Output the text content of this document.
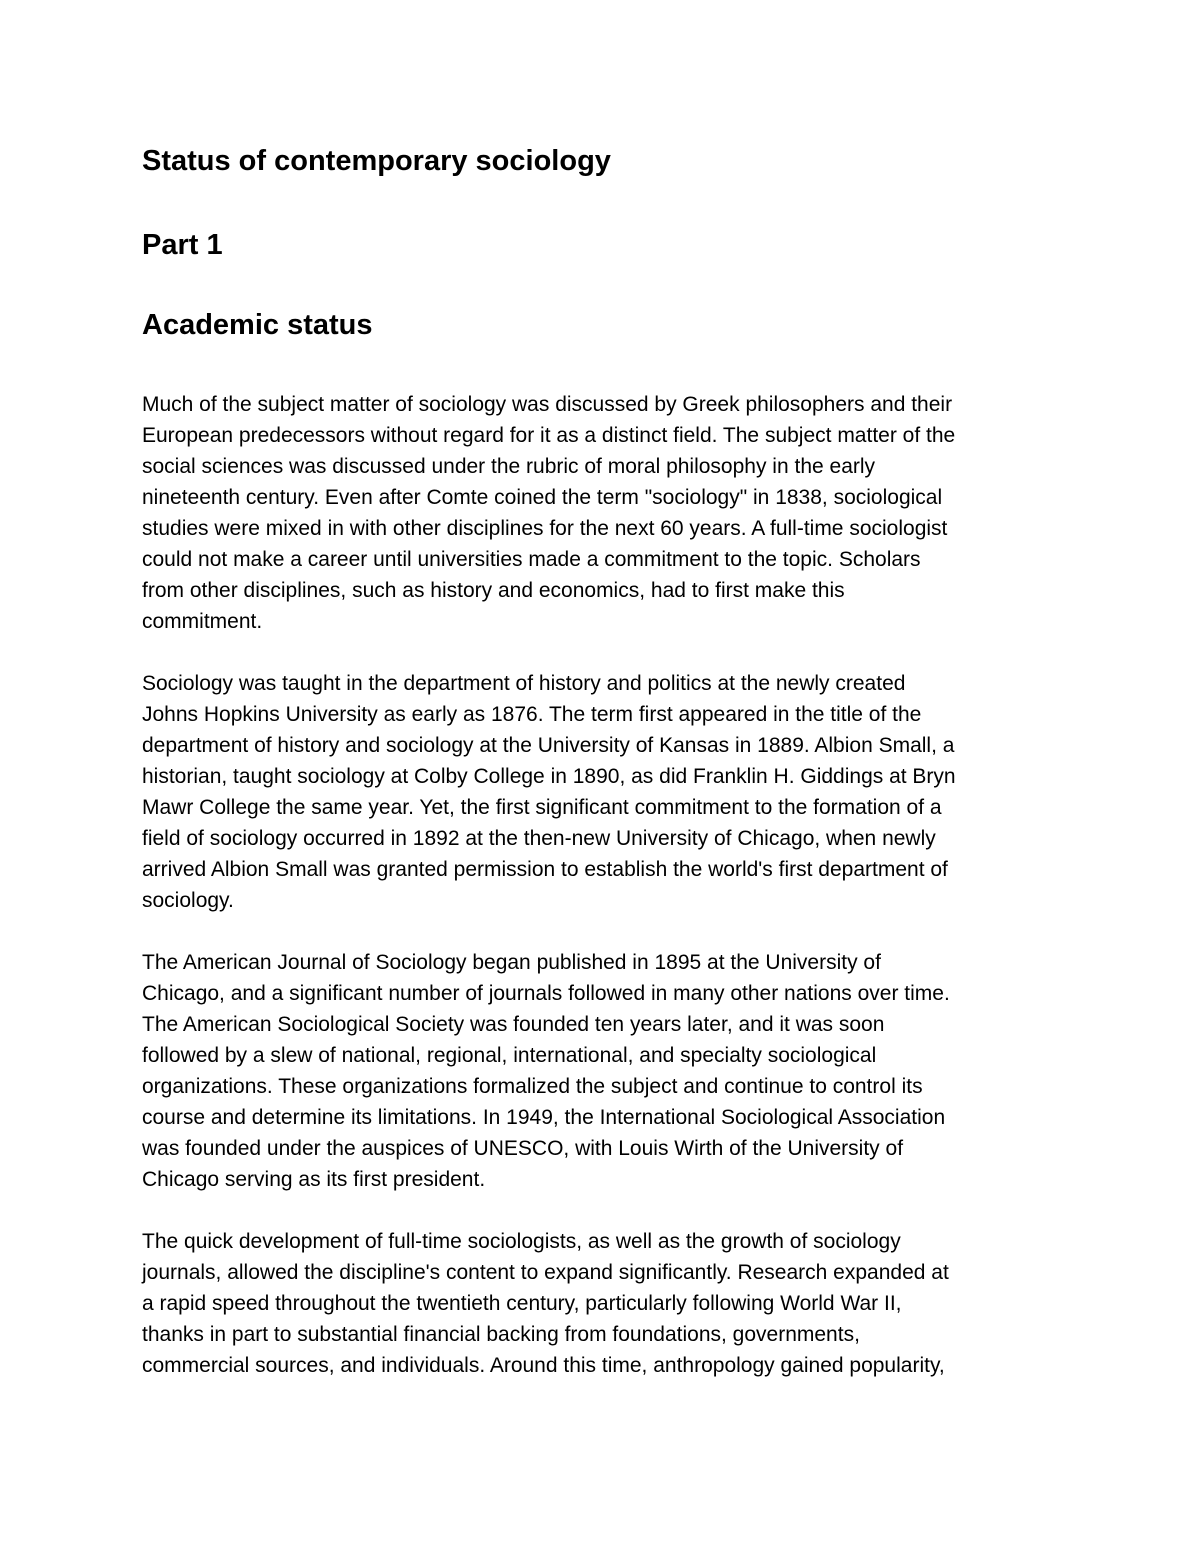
Status of contemporary sociology
Part 1
Academic status

Much of the subject matter of sociology was discussed by Greek philosophers and their
European predecessors without regard for it as a distinct field. The subject matter of the
social sciences was discussed under the rubric of moral philosophy in the early
nineteenth century. Even after Comte coined the term "sociology" in 1838, sociological
studies were mixed in with other disciplines for the next 60 years. A full-time sociologist
could not make a career until universities made a commitment to the topic. Scholars
from other disciplines, such as history and economics, had to first make this
commitment.

Sociology was taught in the department of history and politics at the newly created
Johns Hopkins University as early as 1876. The term first appeared in the title of the
department of history and sociology at the University of Kansas in 1889. Albion Small, a
historian, taught sociology at Colby College in 1890, as did Franklin H. Giddings at Bryn
Mawr College the same year. Yet, the first significant commitment to the formation of a
field of sociology occurred in 1892 at the then-new University of Chicago, when newly
arrived Albion Small was granted permission to establish the world's first department of
sociology.

The American Journal of Sociology began published in 1895 at the University of
Chicago, and a significant number of journals followed in many other nations over time.
The American Sociological Society was founded ten years later, and it was soon
followed by a slew of national, regional, international, and specialty sociological
organizations. These organizations formalized the subject and continue to control its
course and determine its limitations. In 1949, the International Sociological Association
was founded under the auspices of UNESCO, with Louis Wirth of the University of
Chicago serving as its first president.

The quick development of full-time sociologists, as well as the growth of sociology
journals, allowed the discipline's content to expand significantly. Research expanded at
a rapid speed throughout the twentieth century, particularly following World War II,
thanks in part to substantial financial backing from foundations, governments,
commercial sources, and individuals. Around this time, anthropology gained popularity,
